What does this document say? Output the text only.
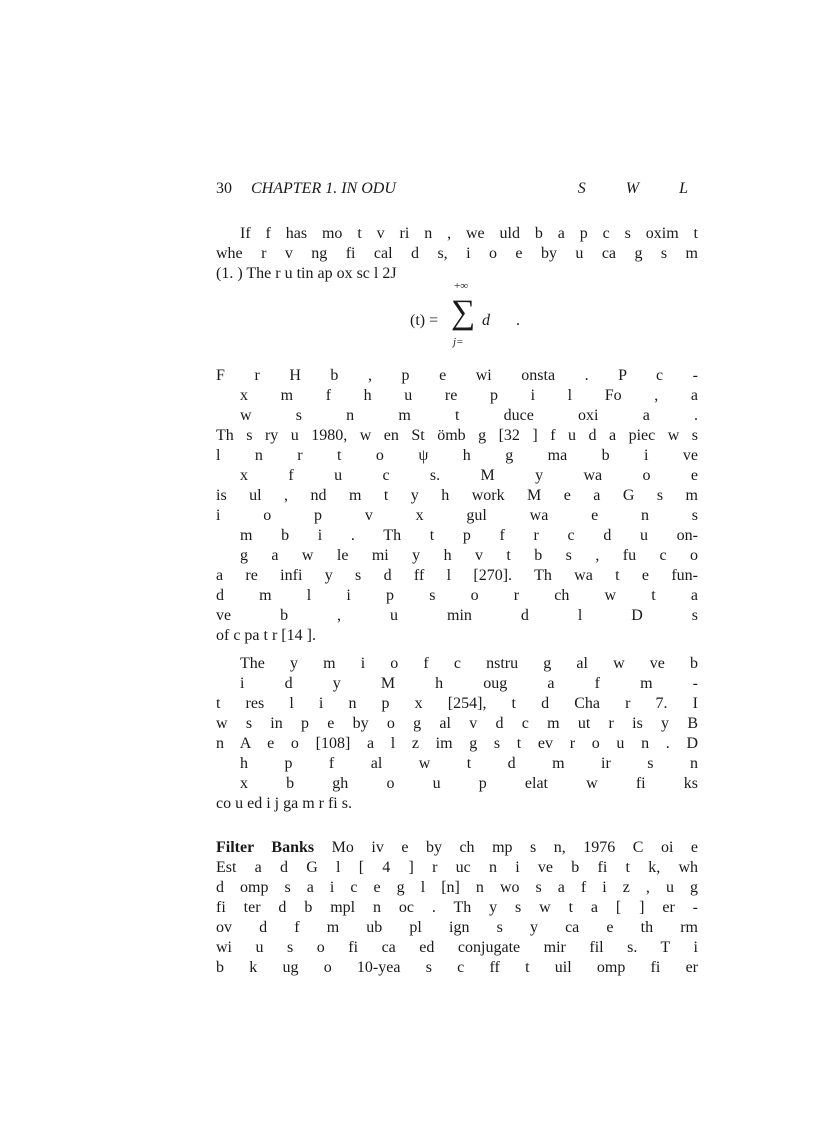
30 CHAPTER 1. IN ODU	S W L
If f has mo t v ri n , we uld b a p c s oxim t
whe r v ng fi cal d s, i o e by u ca g s m
(1. ) The r u tin ap ox sc l 2J
(t) =
+∞
∑
j=
d .
F r H b , p e wi onsta . P c -
x m f h u re p i l Fo , a
w s n m t duce oxi a .
Th s ry u 1980, w en St ömb g [32 ] f u d a piec w s
l n r t o ψ h g ma b i ve
x f u c s. M y wa o e
is ul , nd m t y h work M e a G s m
i o p v x gul wa e n s
m b i . Th t p f r c d u on-
g a w le mi y h v t b s , fu c o
a re infi y s d ff l [270]. Th wa t e fun-
d m l i p s o r ch w t a
ve b , u min d l D s
of c pa t r [14 ].
The y m i o f c nstru g al w ve b
i d y M h oug a f m -
t res l i n p x [254], t d Cha r 7. I
w s in p e by o g al v d c m ut r is y B
n A e o [108] a l z im g s t ev r o u n . D
h p f al w t d m ir s n
x b gh o u p elat w fi ks
co u ed i j ga m r fi s.
Filter Banks Mo iv e by ch mp s n, 1976 C oi e
Est a d G l [ 4 ] r uc n i ve b fi t k, wh
d omp s a i c e g l [n] n wo s a f i z , u g
fi ter d b mpl n oc . Th y s w t a [ ] er -
ov d f m ub pl ign s y ca e th rm
wi u s o fi ca ed conjugate mir fil s. T i
b k ug o 10-yea s c ff t uil omp fi er
